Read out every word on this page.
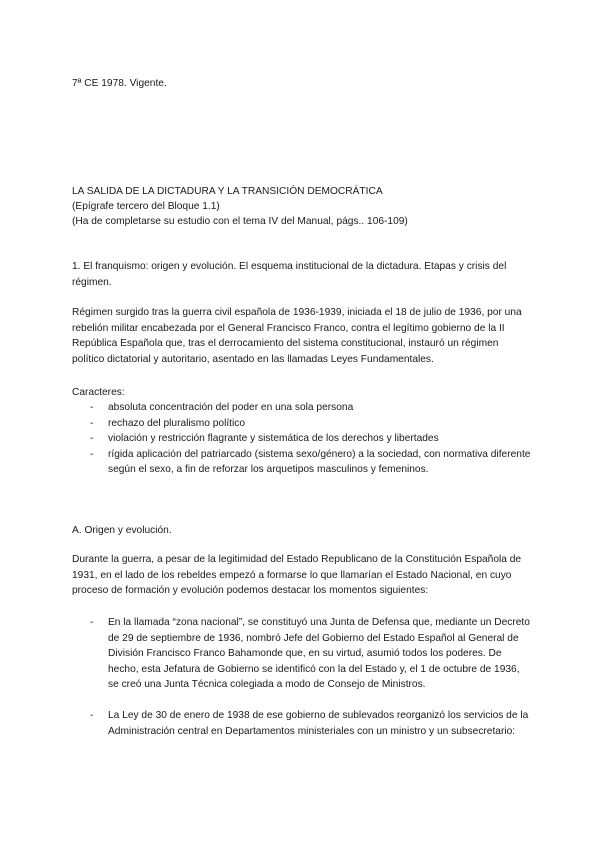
7ª CE 1978. Vigente.
LA SALIDA DE LA DICTADURA Y LA TRANSICIÓN DEMOCRÁTICA
(Epígrafe tercero del Bloque 1.1)
(Ha de completarse su estudio con el tema IV del Manual, págs.. 106-109)

1. El franquismo: origen y evolución. El esquema institucional de la dictadura. Etapas y crisis del régimen.

Régimen surgido tras la guerra civil española de 1936-1939, iniciada el 18 de julio de 1936, por una rebelión militar encabezada por el General Francisco Franco, contra el legítimo gobierno de la II República Española que, tras el derrocamiento del sistema constitucional, instauró un régimen político dictatorial y autoritario, asentado en las llamadas Leyes Fundamentales.

Caracteres:
- absoluta concentración del poder en una sola persona
- rechazo del pluralismo político
- violación y restricción flagrante y sistemática de los derechos y libertades
- rígida aplicación del patriarcado (sistema sexo/género) a la sociedad, con normativa diferente según el sexo, a fin de reforzar los arquetipos masculinos y femeninos.
A. Origen y evolución.

Durante la guerra, a pesar de la legitimidad del Estado Republicano de la Constitución Española de 1931, en el lado de los rebeldes empezó a formarse lo que llamarían el Estado Nacional, en cuyo proceso de formación y evolución podemos destacar los momentos siguientes:

- En la llamada “zona nacional”, se constituyó una Junta de Defensa que, mediante un Decreto de 29 de septiembre de 1936, nombró Jefe del Gobierno del Estado Español al General de División Francisco Franco Bahamonde que, en su virtud, asumió todos los poderes. De hecho, esta Jefatura de Gobierno se identificó con la del Estado y, el 1 de octubre de 1936, se creó una Junta Técnica colegiada a modo de Consejo de Ministros.
- La Ley de 30 de enero de 1938 de ese gobierno de sublevados reorganizó los servicios de la Administración central en Departamentos ministeriales con un ministro y un subsecretario:
